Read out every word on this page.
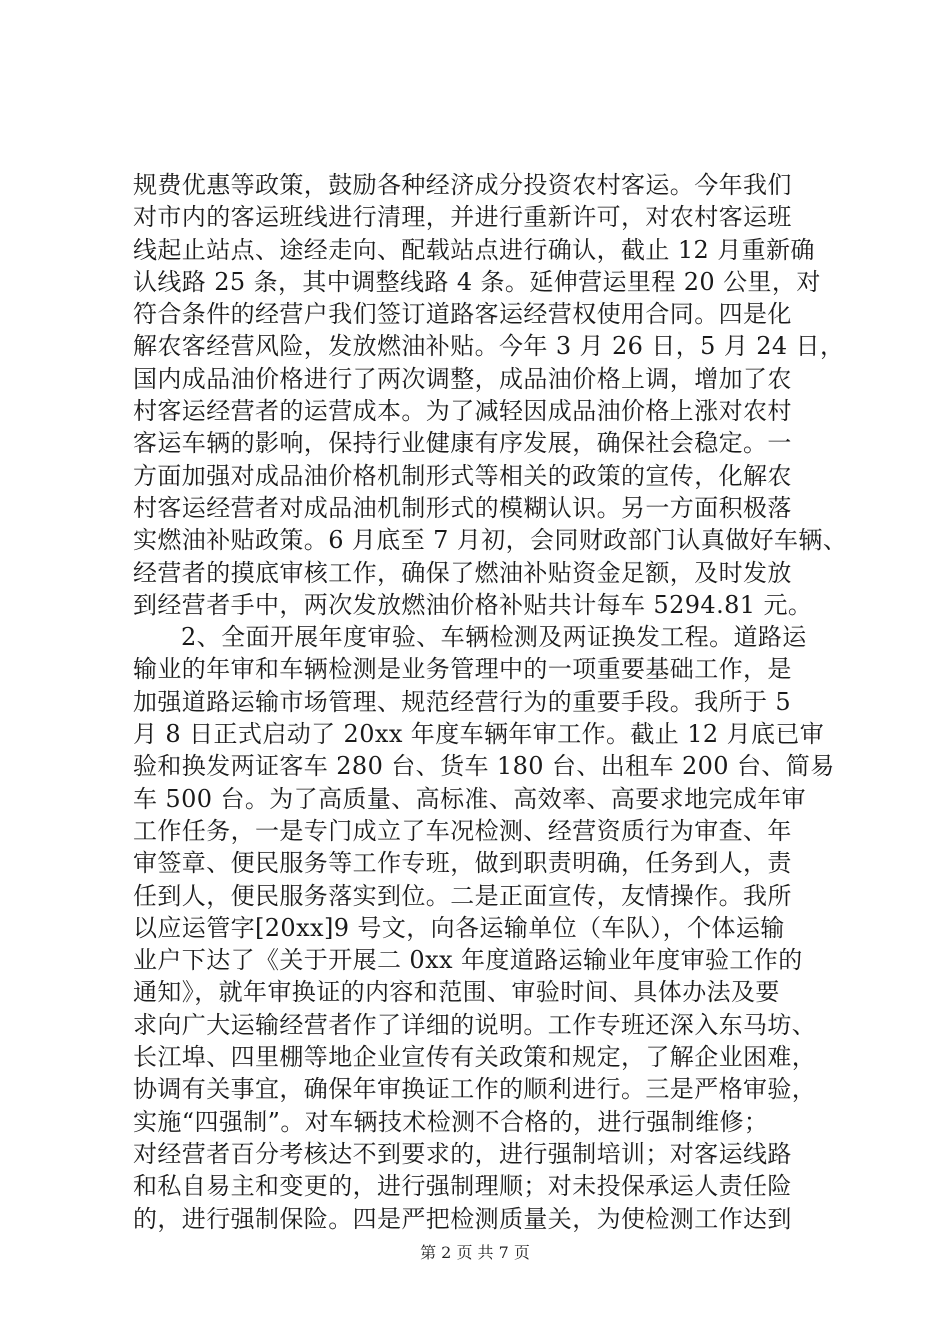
规费优惠等政策，鼓励各种经济成分投资农村客运。今年我们
对市内的客运班线进行清理，并进行重新许可，对农村客运班
线起止站点、途经走向、配载站点进行确认，截止 12 月重新确
认线路 25 条，其中调整线路 4 条。延伸营运里程 20 公里，对
符合条件的经营户我们签订道路客运经营权使用合同。四是化
解农客经营风险，发放燃油补贴。今年 3 月 26 日，5 月 24 日，
国内成品油价格进行了两次调整，成品油价格上调，增加了农
村客运经营者的运营成本。为了减轻因成品油价格上涨对农村
客运车辆的影响，保持行业健康有序发展，确保社会稳定。一
方面加强对成品油价格机制形式等相关的政策的宣传，化解农
村客运经营者对成品油机制形式的模糊认识。另一方面积极落
实燃油补贴政策。6 月底至 7 月初，会同财政部门认真做好车辆、
经营者的摸底审核工作，确保了燃油补贴资金足额，及时发放
到经营者手中，两次发放燃油价格补贴共计每车 5294.81 元。
2、全面开展年度审验、车辆检测及两证换发工程。道路运
输业的年审和车辆检测是业务管理中的一项重要基础工作，是
加强道路运输市场管理、规范经营行为的重要手段。我所于 5
月 8 日正式启动了 20xx 年度车辆年审工作。截止 12 月底已审
验和换发两证客车 280 台、货车 180 台、出租车 200 台、简易
车 500 台。为了高质量、高标准、高效率、高要求地完成年审
工作任务，一是专门成立了车况检测、经营资质行为审查、年
审签章、便民服务等工作专班，做到职责明确，任务到人，责
任到人，便民服务落实到位。二是正面宣传，友情操作。我所
以应运管字[20xx]9 号文，向各运输单位（车队），个体运输
业户下达了《关于开展二 0xx 年度道路运输业年度审验工作的
通知》，就年审换证的内容和范围、审验时间、具体办法及要
求向广大运输经营者作了详细的说明。工作专班还深入东马坊、
长江埠、四里棚等地企业宣传有关政策和规定，了解企业困难，
协调有关事宜，确保年审换证工作的顺利进行。三是严格审验，
实施“四强制”。对车辆技术检测不合格的，进行强制维修；
对经营者百分考核达不到要求的，进行强制培训；对客运线路
和私自易主和变更的，进行强制理顺；对未投保承运人责任险
的，进行强制保险。四是严把检测质量关，为使检测工作达到
第 2 页 共 7 页
